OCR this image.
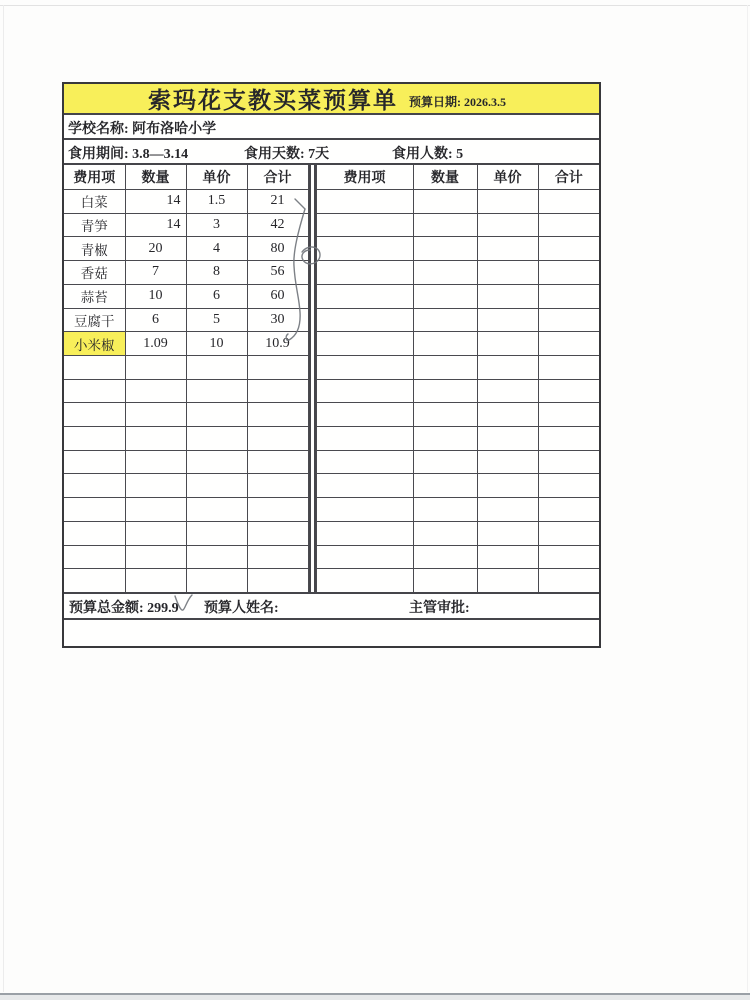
索玛花支教买菜预算单 预算日期: 2026.3.5
学校名称: 阿布洛哈小学
食用期间: 3.8—3.14	食用天数: 7天	食用人数: 5
费用项	数量	单价	合计
白菜	14	1.5	21
青笋	14	3	42
青椒	20	4	80
香菇	7	8	56
蒜苔	10	6	60
豆腐干	6	5	30
小米椒	1.09	10	10.9

费用项	数量	单价	合计

预算总金额: 299.9 预算人姓名:	主管审批:
